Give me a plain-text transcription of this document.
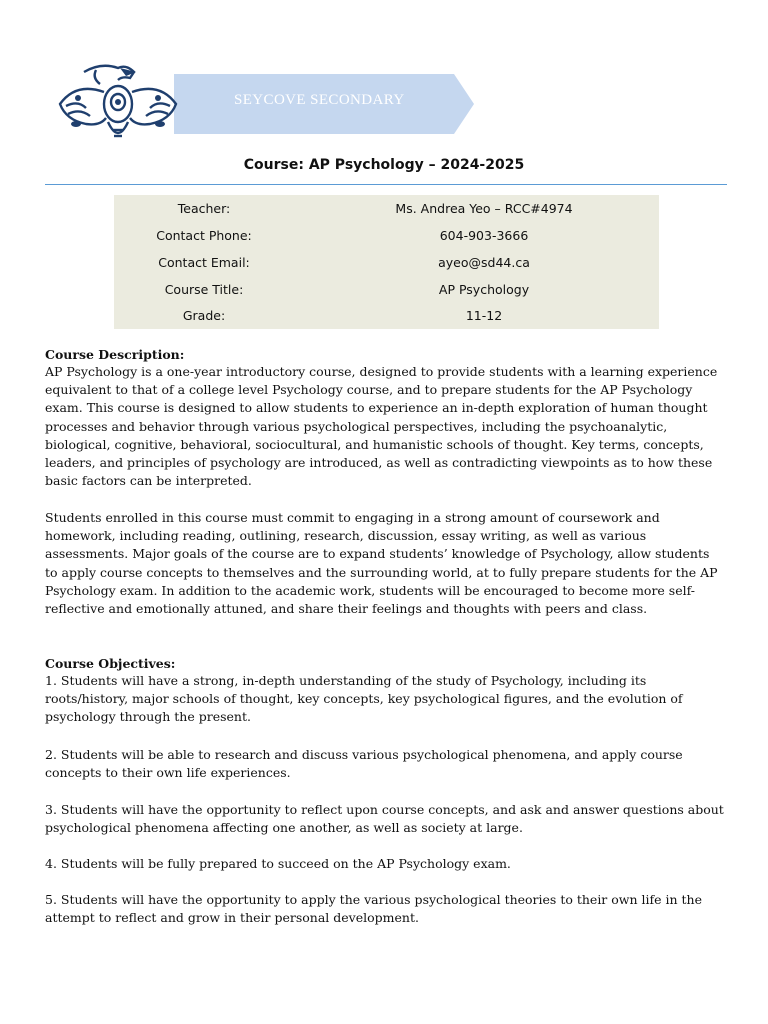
SEYCOVE SECONDARY
Course: AP Psychology – 2024-2025
Teacher:	Ms. Andrea Yeo – RCC#4974
Contact Phone:	604-903-3666
Contact Email:	ayeo@sd44.ca
Course Title:	AP Psychology
Grade:	11-12
Course Description:
AP Psychology is a one-year introductory course, designed to provide students with a learning experience equivalent to that of a college level Psychology course, and to prepare students for the AP Psychology exam. This course is designed to allow students to experience an in-depth exploration of human thought processes and behavior through various psychological perspectives, including the psychoanalytic, biological, cognitive, behavioral, sociocultural, and humanistic schools of thought. Key terms, concepts, leaders, and principles of psychology are introduced, as well as contradicting viewpoints as to how these basic factors can be interpreted.
Students enrolled in this course must commit to engaging in a strong amount of coursework and homework, including reading, outlining, research, discussion, essay writing, as well as various assessments. Major goals of the course are to expand students’ knowledge of Psychology, allow students to apply course concepts to themselves and the surrounding world, at to fully prepare students for the AP Psychology exam. In addition to the academic work, students will be encouraged to become more self-reflective and emotionally attuned, and share their feelings and thoughts with peers and class.
Course Objectives:
1. Students will have a strong, in-depth understanding of the study of Psychology, including its roots/history, major schools of thought, key concepts, key psychological figures, and the evolution of psychology through the present.
2. Students will be able to research and discuss various psychological phenomena, and apply course concepts to their own life experiences.
3. Students will have the opportunity to reflect upon course concepts, and ask and answer questions about psychological phenomena affecting one another, as well as society at large.
4. Students will be fully prepared to succeed on the AP Psychology exam.
5. Students will have the opportunity to apply the various psychological theories to their own life in the attempt to reflect and grow in their personal development.
